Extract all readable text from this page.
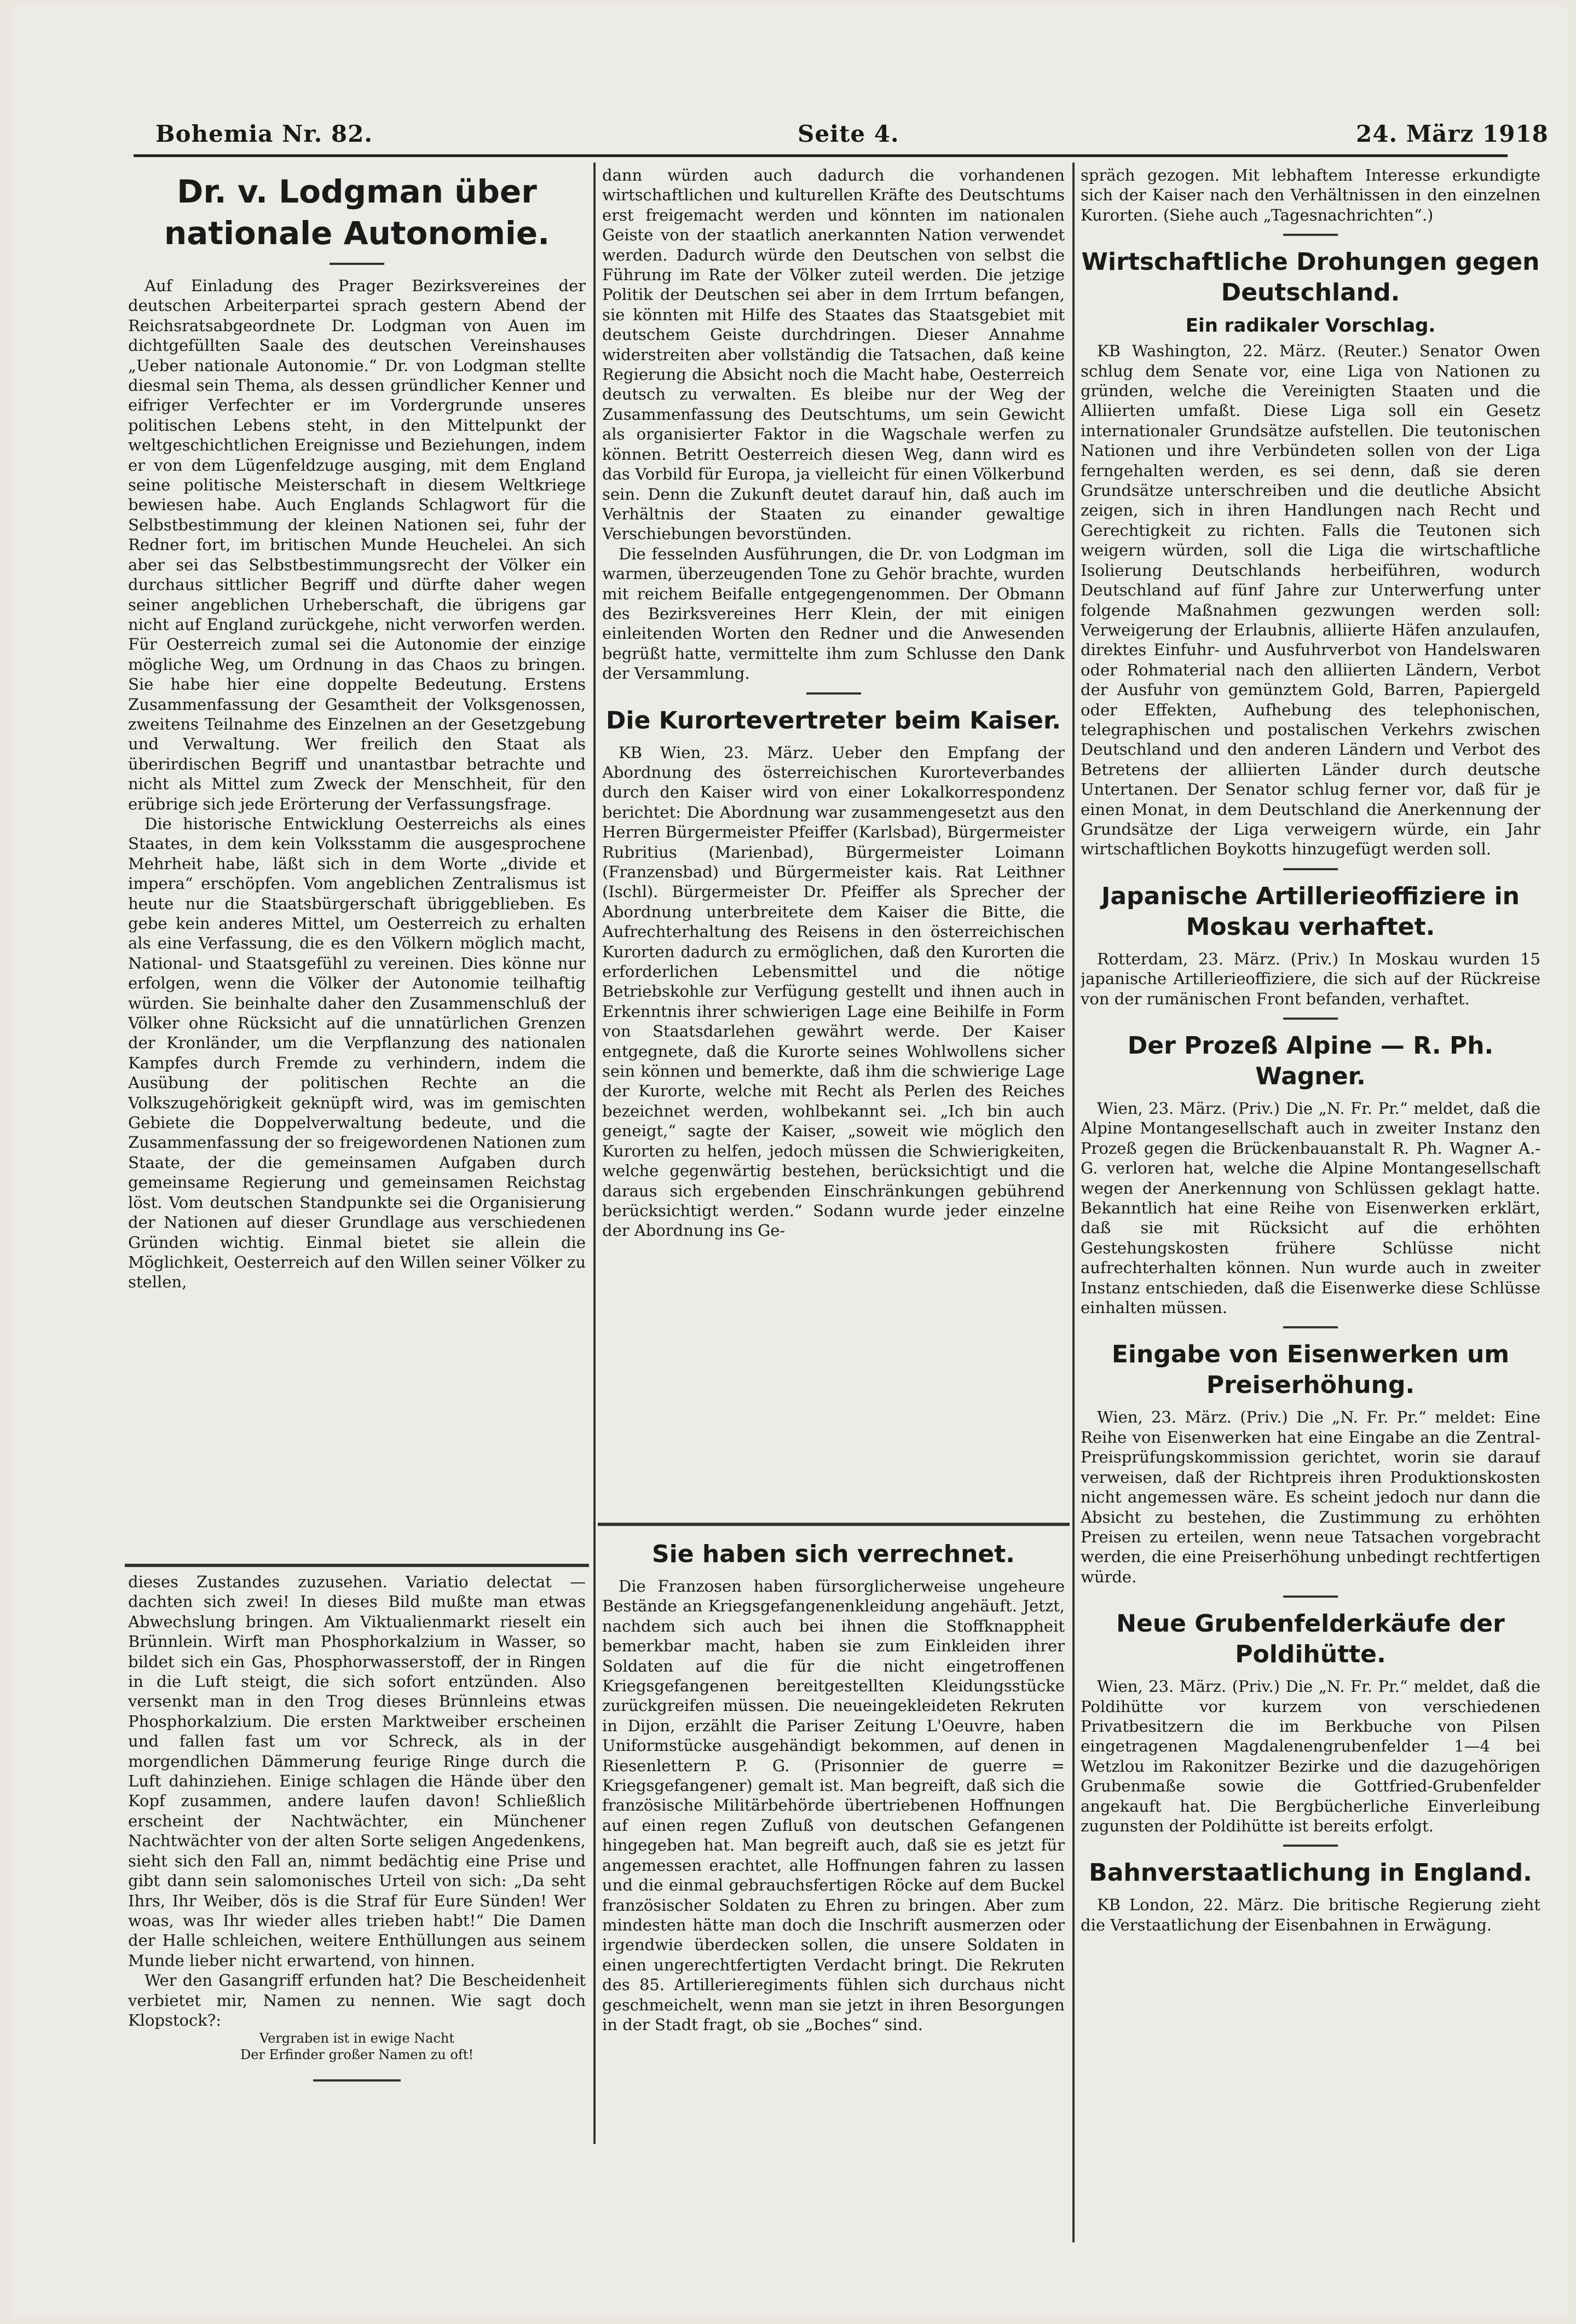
Bohemia Nr. 82.	Seite 4.	24. März 1918
Dr. v. Lodgman über nationale Autonomie.

Auf Einladung des Prager Bezirksvereines der deutschen Arbeiterpartei sprach gestern Abend der Reichsratsabgeordnete Dr. Lodgman von Auen im dichtgefüllten Saale des deutschen Vereinshauses „Ueber nationale Autonomie.“ Dr. von Lodgman stellte diesmal sein Thema, als dessen gründlicher Kenner und eifriger Verfechter er im Vordergrunde unseres politischen Lebens steht, in den Mittelpunkt der weltgeschichtlichen Ereignisse und Beziehungen, indem er von dem Lügenfeldzuge ausging, mit dem England seine politische Meisterschaft in diesem Weltkriege bewiesen habe. Auch Englands Schlagwort für die Selbstbestimmung der kleinen Nationen sei, fuhr der Redner fort, im britischen Munde Heuchelei. An sich aber sei das Selbstbestimmungsrecht der Völker ein durchaus sittlicher Begriff und dürfte daher wegen seiner angeblichen Urheberschaft, die übrigens gar nicht auf England zurückgehe, nicht verworfen werden. Für Oesterreich zumal sei die Autonomie der einzige mögliche Weg, um Ordnung in das Chaos zu bringen. Sie habe hier eine doppelte Bedeutung. Erstens Zusammenfassung der Gesamtheit der Volksgenossen, zweitens Teilnahme des Einzelnen an der Gesetzgebung und Verwaltung. Wer freilich den Staat als überirdischen Begriff und unantastbar betrachte und nicht als Mittel zum Zweck der Menschheit, für den erübrige sich jede Erörterung der Verfassungsfrage.

Die historische Entwicklung Oesterreichs als eines Staates, in dem kein Volksstamm die ausgesprochene Mehrheit habe, läßt sich in dem Worte „divide et impera“ erschöpfen. Vom angeblichen Zentralismus ist heute nur die Staatsbürgerschaft übriggeblieben. Es gebe kein anderes Mittel, um Oesterreich zu erhalten als eine Verfassung, die es den Völkern möglich macht, National- und Staatsgefühl zu vereinen. Dies könne nur erfolgen, wenn die Völker der Autonomie teilhaftig würden. Sie beinhalte daher den Zusammenschluß der Völker ohne Rücksicht auf die unnatürlichen Grenzen der Kronländer, um die Verpflanzung des nationalen Kampfes durch Fremde zu verhindern, indem die Ausübung der politischen Rechte an die Volkszugehörigkeit geknüpft wird, was im gemischten Gebiete die Doppelverwaltung bedeute, und die Zusammenfassung der so freigewordenen Nationen zum Staate, der die gemeinsamen Aufgaben durch gemeinsame Regierung und gemeinsamen Reichstag löst. Vom deutschen Standpunkte sei die Organisierung der Nationen auf dieser Grundlage aus verschiedenen Gründen wichtig. Einmal bietet sie allein die Möglichkeit, Oesterreich auf den Willen seiner Völker zu stellen,

dieses Zustandes zuzusehen. Variatio delectat — dachten sich zwei! In dieses Bild mußte man etwas Abwechslung bringen. Am Viktualienmarkt rieselt ein Brünnlein. Wirft man Phosphorkalzium in Wasser, so bildet sich ein Gas, Phosphorwasserstoff, der in Ringen in die Luft steigt, die sich sofort entzünden. Also versenkt man in den Trog dieses Brünnleins etwas Phosphorkalzium. Die ersten Marktweiber erscheinen und fallen fast um vor Schreck, als in der morgendlichen Dämmerung feurige Ringe durch die Luft dahinziehen. Einige schlagen die Hände über den Kopf zusammen, andere laufen davon! Schließlich erscheint der Nachtwächter, ein Münchener Nachtwächter von der alten Sorte seligen Angedenkens, sieht sich den Fall an, nimmt bedächtig eine Prise und gibt dann sein salomonisches Urteil von sich: „Da seht Ihrs, Ihr Weiber, dös is die Straf für Eure Sünden! Wer woas, was Ihr wieder alles trieben habt!“ Die Damen der Halle schleichen, weitere Enthüllungen aus seinem Munde lieber nicht erwartend, von hinnen.

Wer den Gasangriff erfunden hat? Die Bescheidenheit verbietet mir, Namen zu nennen. Wie sagt doch Klopstock?:

Vergraben ist in ewige Nacht

Der Erfinder großer Namen zu oft!

dann würden auch dadurch die vorhandenen wirtschaftlichen und kulturellen Kräfte des Deutschtums erst freigemacht werden und könnten im nationalen Geiste von der staatlich anerkannten Nation verwendet werden. Dadurch würde den Deutschen von selbst die Führung im Rate der Völker zuteil werden. Die jetzige Politik der Deutschen sei aber in dem Irrtum befangen, sie könnten mit Hilfe des Staates das Staatsgebiet mit deutschem Geiste durchdringen. Dieser Annahme widerstreiten aber vollständig die Tatsachen, daß keine Regierung die Absicht noch die Macht habe, Oesterreich deutsch zu verwalten. Es bleibe nur der Weg der Zusammenfassung des Deutschtums, um sein Gewicht als organisierter Faktor in die Wagschale werfen zu können. Betritt Oesterreich diesen Weg, dann wird es das Vorbild für Europa, ja vielleicht für einen Völkerbund sein. Denn die Zukunft deutet darauf hin, daß auch im Verhältnis der Staaten zu einander gewaltige Verschiebungen bevorstünden.

Die fesselnden Ausführungen, die Dr. von Lodgman im warmen, überzeugenden Tone zu Gehör brachte, wurden mit reichem Beifalle entgegengenommen. Der Obmann des Bezirksvereines Herr Klein, der mit einigen einleitenden Worten den Redner und die Anwesenden begrüßt hatte, vermittelte ihm zum Schlusse den Dank der Versammlung.

Die Kurortevertreter beim Kaiser.

KB Wien, 23. März. Ueber den Empfang der Abordnung des österreichischen Kurorteverbandes durch den Kaiser wird von einer Lokalkorrespondenz berichtet: Die Abordnung war zusammengesetzt aus den Herren Bürgermeister Pfeiffer (Karlsbad), Bürgermeister Rubritius (Marienbad), Bürgermeister Loimann (Franzensbad) und Bürgermeister kais. Rat Leithner (Ischl). Bürgermeister Dr. Pfeiffer als Sprecher der Abordnung unterbreitete dem Kaiser die Bitte, die Aufrechterhaltung des Reisens in den österreichischen Kurorten dadurch zu ermöglichen, daß den Kurorten die erforderlichen Lebensmittel und die nötige Betriebskohle zur Verfügung gestellt und ihnen auch in Erkenntnis ihrer schwierigen Lage eine Beihilfe in Form von Staatsdarlehen gewährt werde. Der Kaiser entgegnete, daß die Kurorte seines Wohlwollens sicher sein können und bemerkte, daß ihm die schwierige Lage der Kurorte, welche mit Recht als Perlen des Reiches bezeichnet werden, wohlbekannt sei. „Ich bin auch geneigt,“ sagte der Kaiser, „soweit wie möglich den Kurorten zu helfen, jedoch müssen die Schwierigkeiten, welche gegenwärtig bestehen, berücksichtigt und die daraus sich ergebenden Einschränkungen gebührend berücksichtigt werden.“ Sodann wurde jeder einzelne der Abordnung ins Ge-

Sie haben sich verrechnet.

Die Franzosen haben fürsorglicherweise ungeheure Bestände an Kriegsgefangenenkleidung angehäuft. Jetzt, nachdem sich auch bei ihnen die Stoffknappheit bemerkbar macht, haben sie zum Einkleiden ihrer Soldaten auf die für die nicht eingetroffenen Kriegsgefangenen bereitgestellten Kleidungsstücke zurückgreifen müssen. Die neueingekleideten Rekruten in Dijon, erzählt die Pariser Zeitung L'Oeuvre, haben Uniformstücke ausgehändigt bekommen, auf denen in Riesenlettern P. G. (Prisonnier de guerre = Kriegsgefangener) gemalt ist. Man begreift, daß sich die französische Militärbehörde übertriebenen Hoffnungen auf einen regen Zufluß von deutschen Gefangenen hingegeben hat. Man begreift auch, daß sie es jetzt für angemessen erachtet, alle Hoffnungen fahren zu lassen und die einmal gebrauchsfertigen Röcke auf dem Buckel französischer Soldaten zu Ehren zu bringen. Aber zum mindesten hätte man doch die Inschrift ausmerzen oder irgendwie überdecken sollen, die unsere Soldaten in einen ungerechtfertigten Verdacht bringt. Die Rekruten des 85. Artillerieregiments fühlen sich durchaus nicht geschmeichelt, wenn man sie jetzt in ihren Besorgungen in der Stadt fragt, ob sie „Boches“ sind.

spräch gezogen. Mit lebhaftem Interesse erkundigte sich der Kaiser nach den Verhältnissen in den einzelnen Kurorten. (Siehe auch „Tagesnachrichten“.)

Wirtschaftliche Drohungen gegen Deutschland.
Ein radikaler Vorschlag.

KB Washington, 22. März. (Reuter.) Senator Owen schlug dem Senate vor, eine Liga von Nationen zu gründen, welche die Vereinigten Staaten und die Alliierten umfaßt. Diese Liga soll ein Gesetz internationaler Grundsätze aufstellen. Die teutonischen Nationen und ihre Verbündeten sollen von der Liga ferngehalten werden, es sei denn, daß sie deren Grundsätze unterschreiben und die deutliche Absicht zeigen, sich in ihren Handlungen nach Recht und Gerechtigkeit zu richten. Falls die Teutonen sich weigern würden, soll die Liga die wirtschaftliche Isolierung Deutschlands herbeiführen, wodurch Deutschland auf fünf Jahre zur Unterwerfung unter folgende Maßnahmen gezwungen werden soll: Verweigerung der Erlaubnis, alliierte Häfen anzulaufen, direktes Einfuhr- und Ausfuhrverbot von Handelswaren oder Rohmaterial nach den alliierten Ländern, Verbot der Ausfuhr von gemünztem Gold, Barren, Papiergeld oder Effekten, Aufhebung des telephonischen, telegraphischen und postalischen Verkehrs zwischen Deutschland und den anderen Ländern und Verbot des Betretens der alliierten Länder durch deutsche Untertanen. Der Senator schlug ferner vor, daß für je einen Monat, in dem Deutschland die Anerkennung der Grundsätze der Liga verweigern würde, ein Jahr wirtschaftlichen Boykotts hinzugefügt werden soll.

Japanische Artillerieoffiziere in Moskau verhaftet.

Rotterdam, 23. März. (Priv.) In Moskau wurden 15 japanische Artillerieoffiziere, die sich auf der Rückreise von der rumänischen Front befanden, verhaftet.

Der Prozeß Alpine — R. Ph. Wagner.

Wien, 23. März. (Priv.) Die „N. Fr. Pr.“ meldet, daß die Alpine Montangesellschaft auch in zweiter Instanz den Prozeß gegen die Brückenbauanstalt R. Ph. Wagner A.-G. verloren hat, welche die Alpine Montangesellschaft wegen der Anerkennung von Schlüssen geklagt hatte. Bekanntlich hat eine Reihe von Eisenwerken erklärt, daß sie mit Rücksicht auf die erhöhten Gestehungskosten frühere Schlüsse nicht aufrechterhalten können. Nun wurde auch in zweiter Instanz entschieden, daß die Eisenwerke diese Schlüsse einhalten müssen.

Eingabe von Eisenwerken um Preiserhöhung.

Wien, 23. März. (Priv.) Die „N. Fr. Pr.“ meldet: Eine Reihe von Eisenwerken hat eine Eingabe an die Zentral-Preisprüfungskommission gerichtet, worin sie darauf verweisen, daß der Richtpreis ihren Produktionskosten nicht angemessen wäre. Es scheint jedoch nur dann die Absicht zu bestehen, die Zustimmung zu erhöhten Preisen zu erteilen, wenn neue Tatsachen vorgebracht werden, die eine Preiserhöhung unbedingt rechtfertigen würde.

Neue Grubenfelderkäufe der Poldihütte.

Wien, 23. März. (Priv.) Die „N. Fr. Pr.“ meldet, daß die Poldihütte vor kurzem von verschiedenen Privatbesitzern die im Berkbuche von Pilsen eingetragenen Magdalenengrubenfelder 1—4 bei Wetzlou im Rakonitzer Bezirke und die dazugehörigen Grubenmaße sowie die Gottfried-Grubenfelder angekauft hat. Die Bergbücherliche Einverleibung zugunsten der Poldihütte ist bereits erfolgt.

Bahnverstaatlichung in England.

KB London, 22. März. Die britische Regierung zieht die Verstaatlichung der Eisenbahnen in Erwägung.
